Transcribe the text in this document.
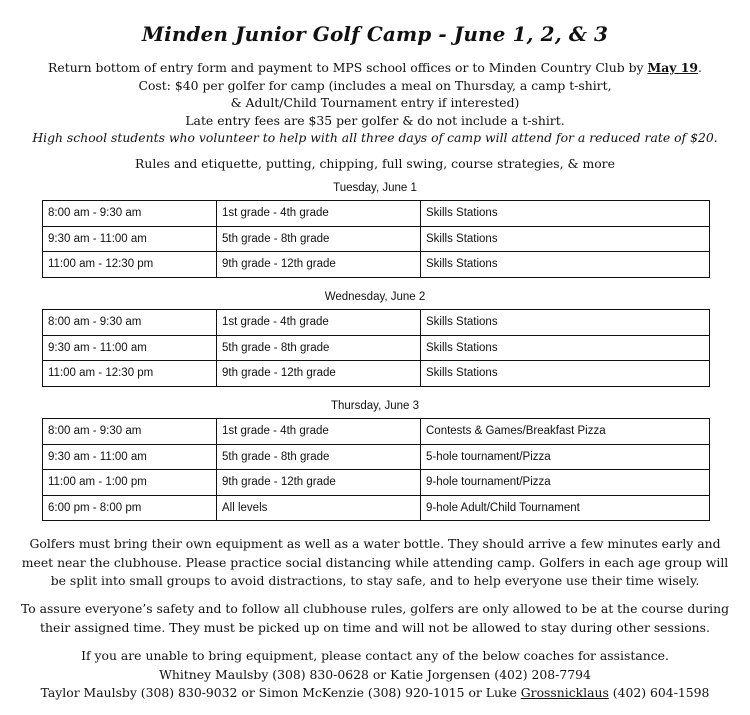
Minden Junior Golf Camp - June 1, 2, & 3
Return bottom of entry form and payment to MPS school offices or to Minden Country Club by May 19.
Cost: $40 per golfer for camp (includes a meal on Thursday, a camp t-shirt,
& Adult/Child Tournament entry if interested)
Late entry fees are $35 per golfer & do not include a t-shirt.
High school students who volunteer to help with all three days of camp will attend for a reduced rate of $20.
Rules and etiquette, putting, chipping, full swing, course strategies, & more
Tuesday, June 1
8:00 am - 9:30 am	1st grade - 4th grade	Skills Stations
9:30 am - 11:00 am	5th grade - 8th grade	Skills Stations
11:00 am - 12:30 pm	9th grade - 12th grade	Skills Stations
Wednesday, June 2
8:00 am - 9:30 am	1st grade - 4th grade	Skills Stations
9:30 am - 11:00 am	5th grade - 8th grade	Skills Stations
11:00 am - 12:30 pm	9th grade - 12th grade	Skills Stations
Thursday, June 3
8:00 am - 9:30 am	1st grade - 4th grade	Contests & Games/Breakfast Pizza
9:30 am - 11:00 am	5th grade - 8th grade	5-hole tournament/Pizza
11:00 am - 1:00 pm	9th grade - 12th grade	9-hole tournament/Pizza
6:00 pm - 8:00 pm	All levels	9-hole Adult/Child Tournament
Golfers must bring their own equipment as well as a water bottle. They should arrive a few minutes early and
meet near the clubhouse. Please practice social distancing while attending camp. Golfers in each age group will
be split into small groups to avoid distractions, to stay safe, and to help everyone use their time wisely.
To assure everyone’s safety and to follow all clubhouse rules, golfers are only allowed to be at the course during
their assigned time. They must be picked up on time and will not be allowed to stay during other sessions.
If you are unable to bring equipment, please contact any of the below coaches for assistance.
Whitney Maulsby (308) 830-0628 or Katie Jorgensen (402) 208-7794
Taylor Maulsby (308) 830-9032 or Simon McKenzie (308) 920-1015 or Luke Grossnicklaus (402) 604-1598
